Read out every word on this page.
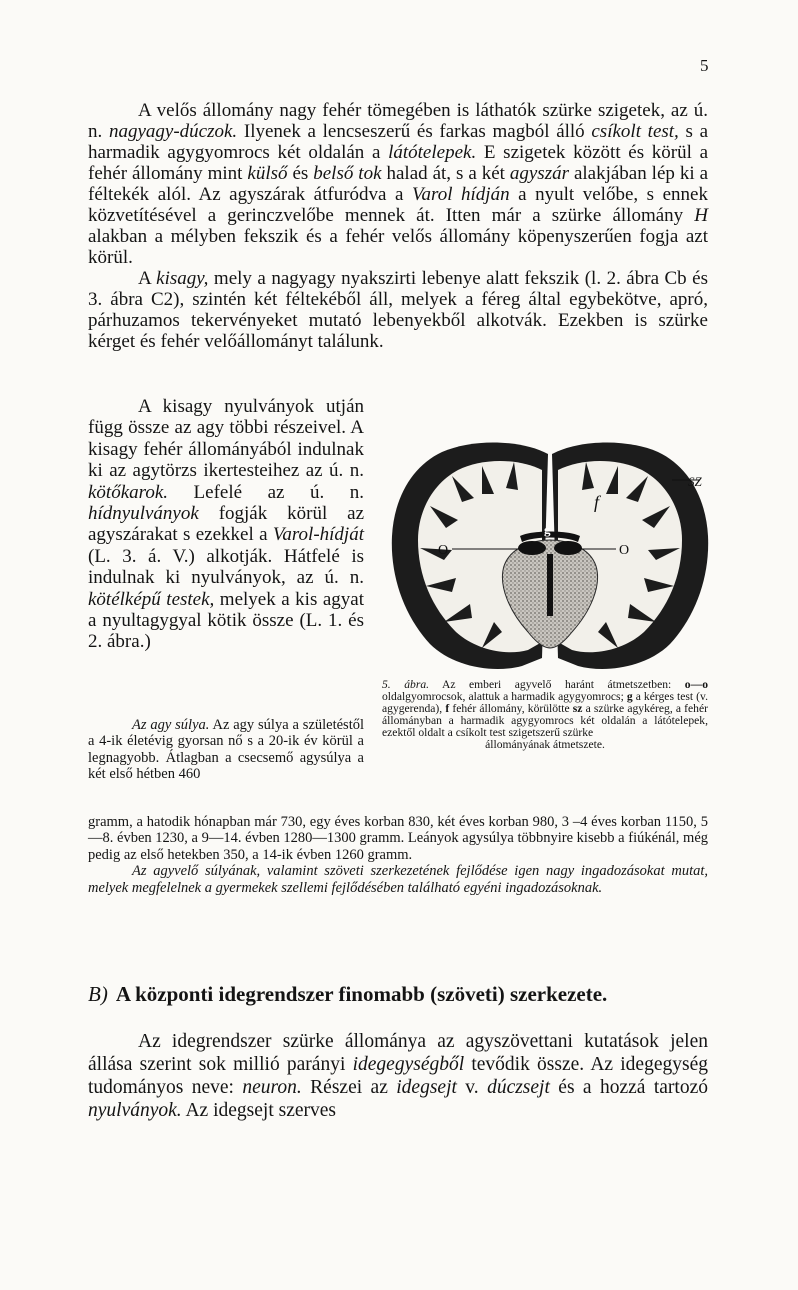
5

A velős állomány nagy fehér tömegében is láthatók szürke szigetek, az ú. n. nagyagy-dúczok. Ilyenek a lencseszerű és farkas magból álló csíkolt test, s a harmadik agygyomrocs két oldalán a látótelepek. E szigetek között és körül a fehér állomány mint külső és belső tok halad át, s a két agyszár alakjában lép ki a féltekék alól. Az agyszárak átfuródva a Varol hídján a nyult velőbe, s ennek közvetítésével a gerinczvelőbe mennek át. Itten már a szürke állomány H alakban a mélyben fekszik és a fehér velős állomány köpenyszerűen fogja azt körül.

A kisagy, mely a nagyagy nyakszirti lebenye alatt fekszik (l. 2. ábra Cb és 3. ábra C2), szintén két féltekéből áll, melyek a féreg által egybekötve, apró, párhuzamos tekervényeket mutató lebenyekből alkotvák. Ezekben is szürke kérget és fehér velőállományt találunk.

A kisagy nyulványok utján függ össze az agy többi részeivel. A kisagy fehér állományából indulnak ki az agytörzs ikertesteihez az ú. n. kötőkarok. Lefelé az ú. n. hídnyulványok fogják körül az agyszárakat s ezekkel a Varol-hídját (L. 3. á. V.) alkotják. Hátfelé is indulnak ki nyulványok, az ú. n. kötélképű testek, melyek a kis agyat a nyultagygyal kötik össze (L. 1. és 2. ábra.)

Az agy súlya. Az agy súlya a születéstől a 4-ik életévig gyorsan nő s a 20-ik év körül a legnagyobb. Átlagban a csecsemő agysúlya a két első hétben 460

gramm, a hatodik hónapban már 730, egy éves korban 830, két éves korban 980, 3 –4 éves korban 1150, 5—8. évben 1230, a 9—14. évben 1280—1300 gramm. Leányok agysúlya többnyire kisebb a fiúkénál, még pedig az első hetekben 350, a 14-ik évben 1260 gramm.

Az agyvelő súlyának, valamint szöveti szerkezetének fejlődése igen nagy ingadozásokat mutat, melyek megfelelnek a gyermekek szellemi fejlődésében található egyéni ingadozásoknak.

O	O
g
f
SZ

5. ábra. Az emberi agyvelő haránt átmetszetben: o—o oldalgyomrocsok, alattuk a harmadik agygyomrocs; g a kérges test (v. agygerenda), f fehér állomány, körülötte sz a szürke agykéreg, a fehér állományban a harmadik agygyomrocs két oldalán a látótelepek, ezektől oldalt a csíkolt test szigetszerű szürke

állományának átmetszete.

B) A központi idegrendszer finomabb (szöveti) szerkezete.

Az idegrendszer szürke állománya az agyszövettani kutatások jelen állása szerint sok millió parányi idegegységből tevődik össze. Az idegegység tudományos neve: neuron. Részei az idegsejt v. dúczsejt és a hozzá tartozó nyulványok. Az idegsejt szerves
